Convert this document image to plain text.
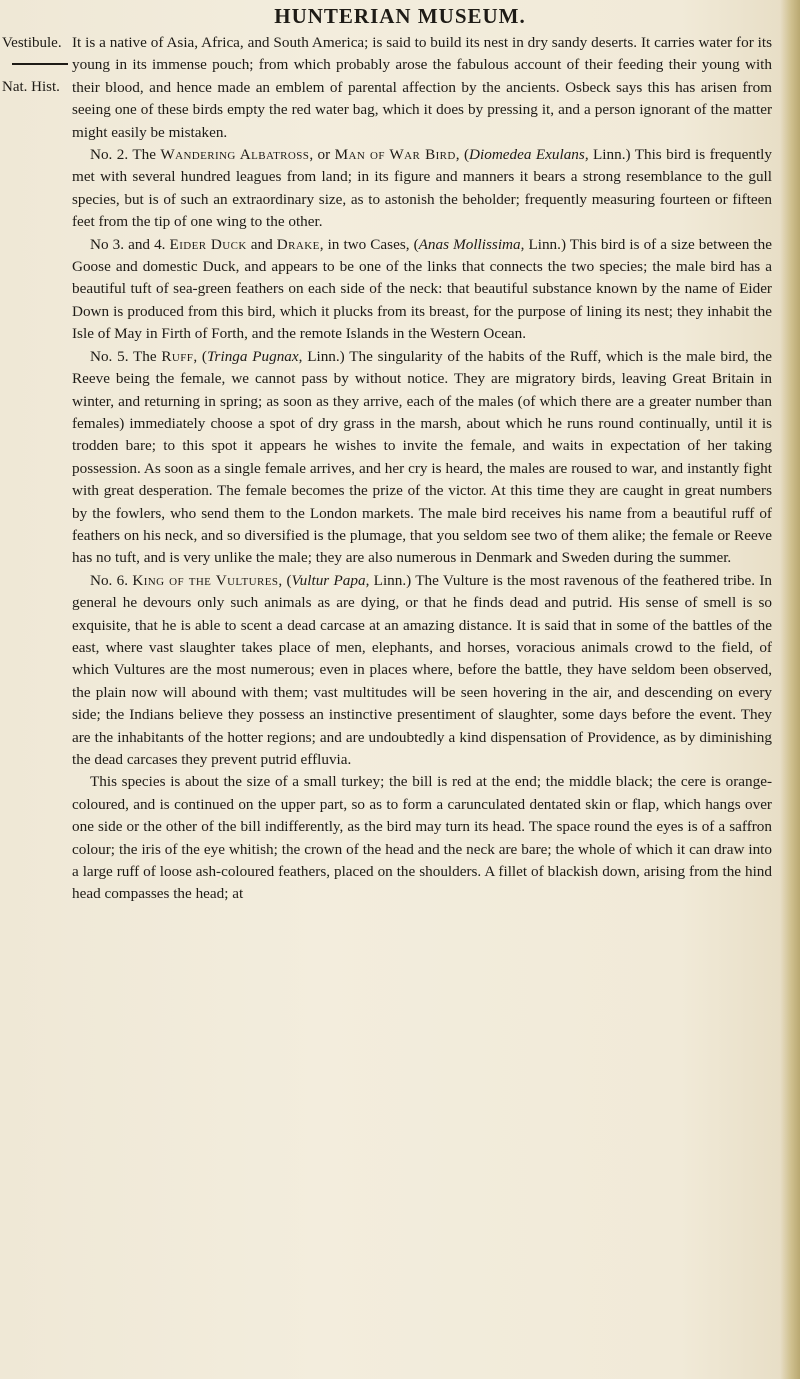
HUNTERIAN MUSEUM.
Vestibule.
Nat. Hist.

It is a native of Asia, Africa, and South America; is said to build its nest in dry sandy deserts. It carries water for its young in its immense pouch; from which probably arose the fabulous account of their feeding their young with their blood, and hence made an emblem of parental affection by the ancients. Osbeck says this has arisen from seeing one of these birds empty the red water bag, which it does by pressing it, and a person ignorant of the matter might easily be mistaken.

No. 2. The Wandering Albatross, or Man of War Bird, (Diomedea Exulans, Linn.) This bird is frequently met with several hundred leagues from land; in its figure and manners it bears a strong resemblance to the gull species, but is of such an extraordinary size, as to astonish the beholder; frequently measuring fourteen or fifteen feet from the tip of one wing to the other.

No 3. and 4. Eider Duck and Drake, in two Cases, (Anas Mollissima, Linn.) This bird is of a size between the Goose and domestic Duck, and appears to be one of the links that connects the two species; the male bird has a beautiful tuft of sea-green feathers on each side of the neck: that beautiful substance known by the name of Eider Down is produced from this bird, which it plucks from its breast, for the purpose of lining its nest; they inhabit the Isle of May in Firth of Forth, and the remote Islands in the Western Ocean.

No. 5. The Ruff, (Tringa Pugnax, Linn.) The singularity of the habits of the Ruff, which is the male bird, the Reeve being the female, we cannot pass by without notice. They are migratory birds, leaving Great Britain in winter, and returning in spring; as soon as they arrive, each of the males (of which there are a greater number than females) immediately choose a spot of dry grass in the marsh, about which he runs round continually, until it is trodden bare; to this spot it appears he wishes to invite the female, and waits in expectation of her taking possession. As soon as a single female arrives, and her cry is heard, the males are roused to war, and instantly fight with great desperation. The female becomes the prize of the victor. At this time they are caught in great numbers by the fowlers, who send them to the London markets. The male bird receives his name from a beautiful ruff of feathers on his neck, and so diversified is the plumage, that you seldom see two of them alike; the female or Reeve has no tuft, and is very unlike the male; they are also numerous in Denmark and Sweden during the summer.

No. 6. King of the Vultures, (Vultur Papa, Linn.) The Vulture is the most ravenous of the feathered tribe. In general he devours only such animals as are dying, or that he finds dead and putrid. His sense of smell is so exquisite, that he is able to scent a dead carcase at an amazing distance. It is said that in some of the battles of the east, where vast slaughter takes place of men, elephants, and horses, voracious animals crowd to the field, of which Vultures are the most numerous; even in places where, before the battle, they have seldom been observed, the plain now will abound with them; vast multitudes will be seen hovering in the air, and descending on every side; the Indians believe they possess an instinctive presentiment of slaughter, some days before the event. They are the inhabitants of the hotter regions; and are undoubtedly a kind dispensation of Providence, as by diminishing the dead carcases they prevent putrid effluvia.

This species is about the size of a small turkey; the bill is red at the end; the middle black; the cere is orange-coloured, and is continued on the upper part, so as to form a carunculated dentated skin or flap, which hangs over one side or the other of the bill indifferently, as the bird may turn its head. The space round the eyes is of a saffron colour; the iris of the eye whitish; the crown of the head and the neck are bare; the whole of which it can draw into a large ruff of loose ash-coloured feathers, placed on the shoulders. A fillet of blackish down, arising from the hind head compasses the head; at
